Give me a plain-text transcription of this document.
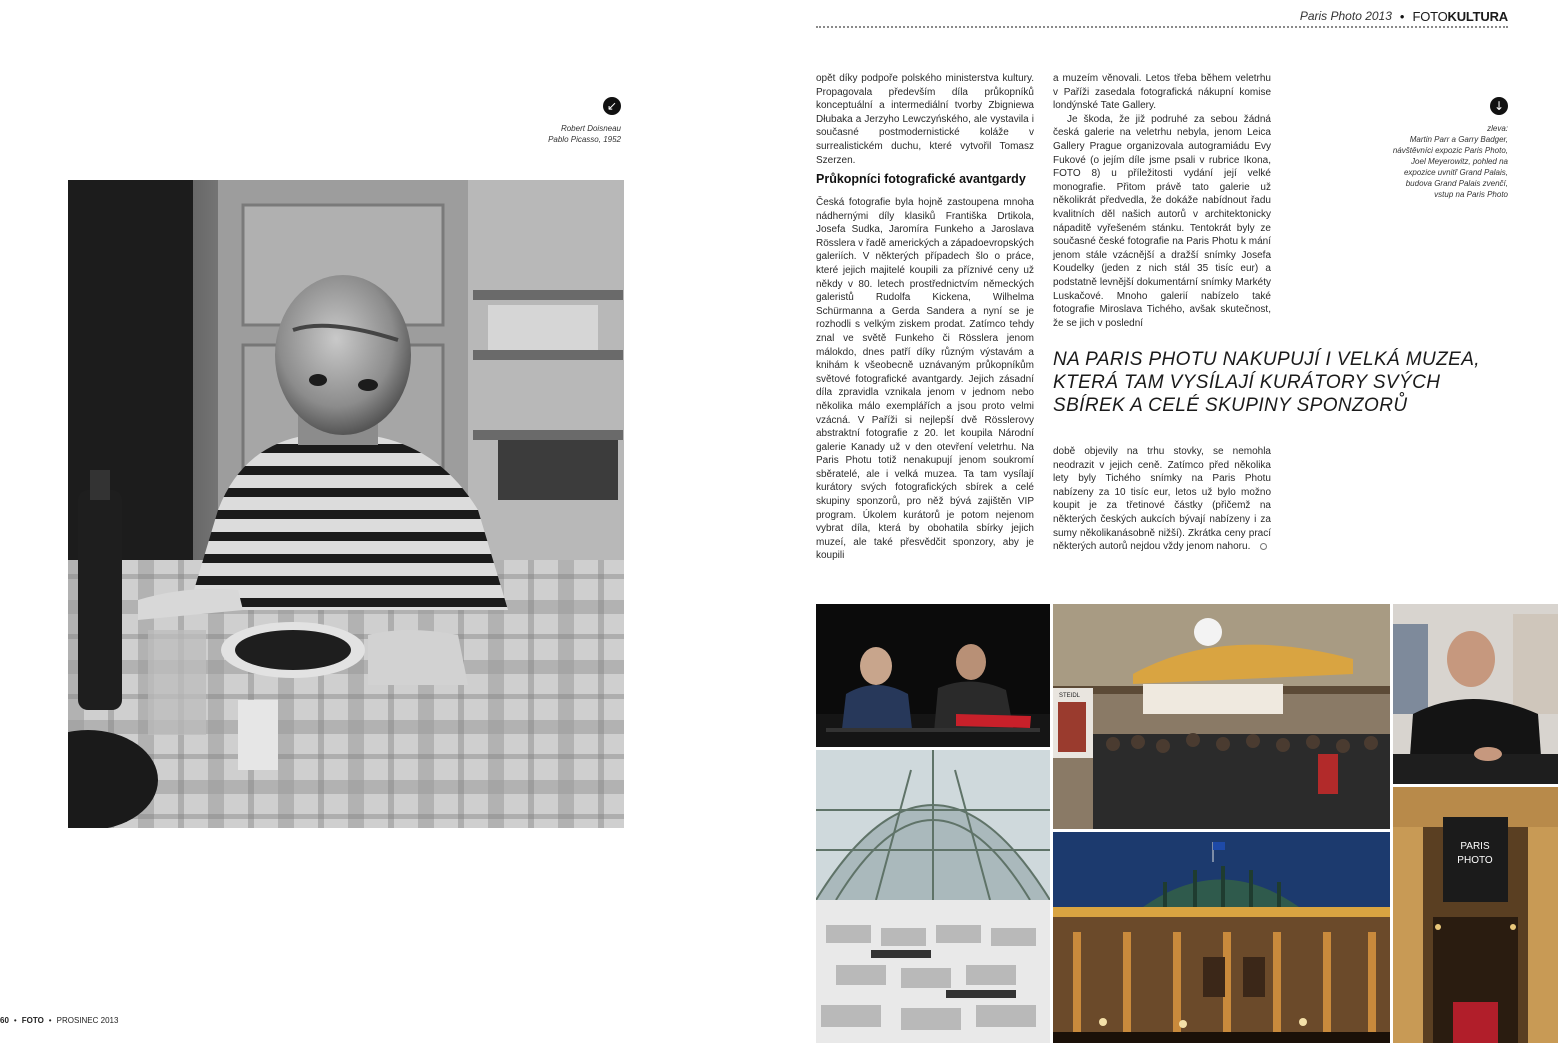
Paris Photo 2013 • FOTOKULTURA
↙
Robert Doisneau
Pablo Picasso, 1952

opět díky podpoře polského ministerstva kultury. Propagovala především díla průkopníků konceptuální a intermediální tvorby Zbigniewa Dłubaka a Jerzyho Lewczyńského, ale vystavila i současné postmodernistické koláže v surrealistickém duchu, které vytvořil Tomasz Szerzen.

Průkopníci fotografické avantgardy

Česká fotografie byla hojně zastoupena mnoha nádhernými díly klasiků Františka Drtikola, Josefa Sudka, Jaromíra Funkeho a Jaroslava Rösslera v řadě amerických a západoevropských galeriích. V některých případech šlo o práce, které jejich majitelé koupili za příznivé ceny už někdy v 80. letech prostřednictvím německých galeristů Rudolfa Kickena, Wilhelma Schürmanna a Gerda Sandera a nyní se je rozhodli s velkým ziskem prodat. Zatímco tehdy znal ve světě Funkeho či Rösslera jenom málokdo, dnes patří díky různým výstavám a knihám k všeobecně uznávaným průkopníkům světové fotografické avantgardy. Jejich zásadní díla zpravidla vznikala jenom v jednom nebo několika málo exemplářích a jsou proto velmi vzácná. V Paříži si nejlepší dvě Rösslerovy abstraktní fotografie z 20. let koupila Národní galerie Kanady už v den otevření veletrhu. Na Paris Photu totiž nenakupují jenom soukromí sběratelé, ale i velká muzea. Ta tam vysílají kurátory svých fotografických sbírek a celé skupiny sponzorů, pro něž bývá zajištěn VIP program. Úkolem kurátorů je potom nejenom vybrat díla, která by obohatila sbírky jejich muzeí, ale také přesvědčit sponzory, aby je koupili

a muzeím věnovali. Letos třeba během veletrhu v Paříži zasedala fotografická nákupní komise londýnské Tate Gallery.

Je škoda, že již podruhé za sebou žádná česká galerie na veletrhu nebyla, jenom Leica Gallery Prague organizovala autogramiádu Evy Fukové (o jejím díle jsme psali v rubrice Ikona, FOTO 8) u příležitosti vydání její velké monografie. Přitom právě tato galerie už několikrát předvedla, že dokáže nabídnout řadu kvalitních děl našich autorů v architektonicky nápaditě vyřešeném stánku. Tentokrát byly ze současné české fotografie na Paris Photu k mání jenom stále vzácnější a dražší snímky Josefa Koudelky (jeden z nich stál 35 tisíc eur) a podstatně levnější dokumentární snímky Markéty Luskačové. Mnoho galerií nabízelo také fotografie Miroslava Tichého, avšak skutečnost, že se jich v poslední

NA PARIS PHOTU NAKUPUJÍ I VELKÁ MUZEA,
KTERÁ TAM VYSÍLAJÍ KURÁTORY SVÝCH
SBÍREK A CELÉ SKUPINY SPONZORŮ

době objevily na trhu stovky, se nemohla neodrazit v jejich ceně. Zatímco před několika lety byly Tichého snímky na Paris Photu nabízeny za 10 tisíc eur, letos už bylo možno koupit je za třetinové částky (přičemž na některých českých aukcích bývají nabízeny i za sumy několikanásobně nižší). Zkrátka ceny prací některých autorů nejdou vždy jenom nahoru.

↓
zleva:
Martin Parr a Garry Badger,
návštěvníci expozic Paris Photo,
Joel Meyerowitz, pohled na
expozice uvnitř Grand Palais,
budova Grand Palais zvenčí,
vstup na Paris Photo
STEIDL
PARIS
PHOTO
60 • FOTO • PROSINEC 2013
